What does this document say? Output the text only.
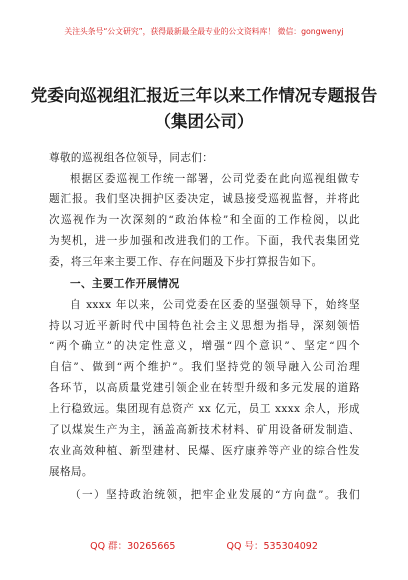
关注头条号“公文研究”，获得最新最全最专业的公文资料库！ 微信：gongwenyj
党委向巡视组汇报近三年以来工作情况专题报告
（集团公司）
尊敬的巡视组各位领导，同志们：
根据区委巡视工作统一部署，公司党委在此向巡视组做专
题汇报。我们坚决拥护区委决定，诚恳接受巡视监督，并将此
次巡视作为一次深刻的“政治体检”和全面的工作检阅，以此
为契机，进一步加强和改进我们的工作。下面，我代表集团党
委，将三年来主要工作、存在问题及下步打算报告如下。
一、主要工作开展情况
自 xxxx 年以来，公司党委在区委的坚强领导下，始终坚
持以习近平新时代中国特色社会主义思想为指导，深刻领悟
“两个确立”的决定性意义，增强“四个意识”、坚定“四个
自信”、做到“两个维护”。我们坚持党的领导融入公司治理
各环节，以高质量党建引领企业在转型升级和多元发展的道路
上行稳致远。集团现有总资产 xx 亿元，员工 xxxx 余人，形成
了以煤炭生产为主，涵盖高新技术材料、矿用设备研发制造、
农业高效种植、新型建材、民爆、医疗康养等产业的综合性发
展格局。
（一）坚持政治统领，把牢企业发展的“方向盘”。我们
QQ 群：30265665	QQ 号：535304092
